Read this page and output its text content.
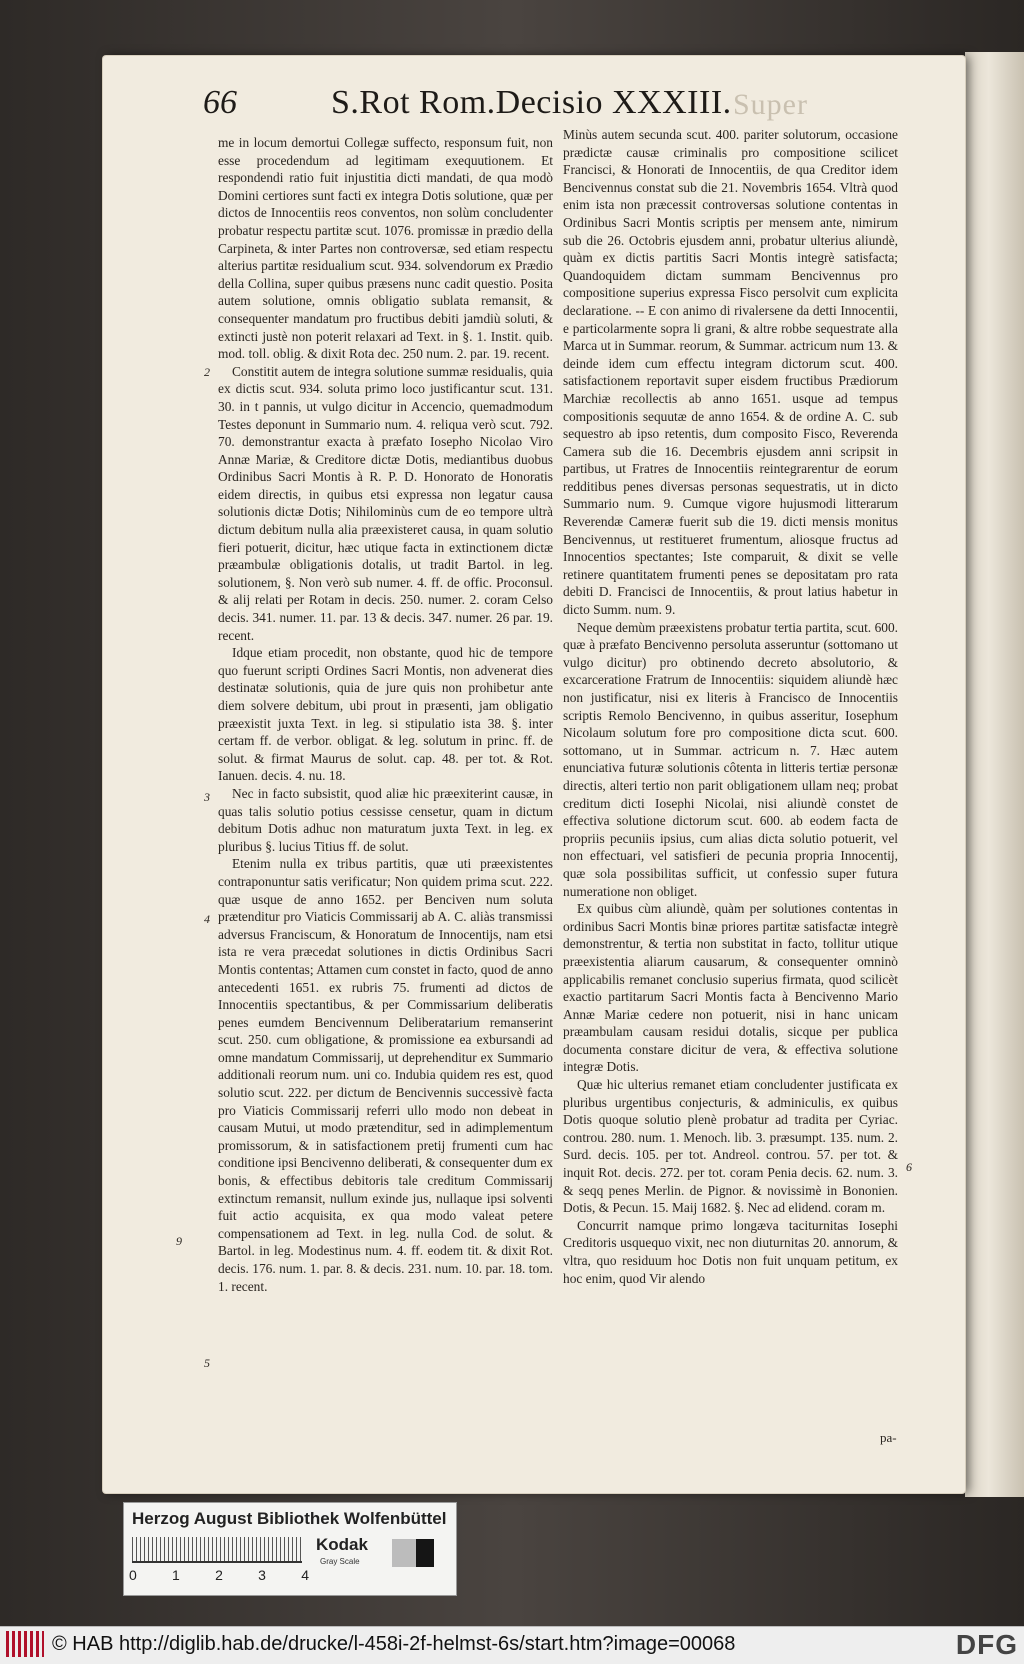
Super
66	S.Rot Rom.Decisio XXXIII.

me in locum demortui Collegæ suffecto, responsum fuit, non esse procedendum ad legitimam exequutionem. Et respondendi ratio fuit injustitia dicti mandati, de qua modò Domini certiores sunt facti ex integra Dotis solutione, quæ per dictos de Innocentiis reos conventos, non solùm concludenter probatur respectu partitæ scut. 1076. promissæ in prædio della Carpineta, & inter Partes non controversæ, sed etiam respectu alterius partitæ residualium scut. 934. solvendorum ex Prædio della Collina, super quibus præsens nunc cadit questio. Posita autem solutione, omnis obligatio sublata remansit, & consequenter mandatum pro fructibus debiti jamdiù soluti, & extincti justè non poterit relaxari ad Text. in §. 1. Instit. quib. mod. toll. oblig. & dixit Rota dec. 250 num. 2. par. 19. recent.

Constitit autem de integra solutione summæ residualis, quia ex dictis scut. 934. soluta primo loco justificantur scut. 131. 30. in t pannis, ut vulgo dicitur in Accencio, quemadmodum Testes deponunt in Summario num. 4. reliqua verò scut. 792. 70. demonstrantur exacta à præfato Iosepho Nicolao Viro Annæ Mariæ, & Creditore dictæ Dotis, mediantibus duobus Ordinibus Sacri Montis à R. P. D. Honorato de Honoratis eidem directis, in quibus etsi expressa non legatur causa solutionis dictæ Dotis; Nihilominùs cum de eo tempore ultrà dictum debitum nulla alia præexisteret causa, in quam solutio fieri potuerit, dicitur, hæc utique facta in extinctionem dictæ præambulæ obligationis dotalis, ut tradit Bartol. in leg. solutionem, §. Non verò sub numer. 4. ff. de offic. Proconsul. & alij relati per Rotam in decis. 250. numer. 2. coram Celso decis. 341. numer. 11. par. 13 & decis. 347. numer. 26 par. 19. recent.

Idque etiam procedit, non obstante, quod hic de tempore quo fuerunt scripti Ordines Sacri Montis, non advenerat dies destinatæ solutionis, quia de jure quis non prohibetur ante diem solvere debitum, ubi prout in præsenti, jam obligatio præexistit juxta Text. in leg. si stipulatio ista 38. §. inter certam ff. de verbor. obligat. & leg. solutum in princ. ff. de solut. & firmat Maurus de solut. cap. 48. per tot. & Rot. Ianuen. decis. 4. nu. 18.

Nec in facto subsistit, quod aliæ hic præexiterint causæ, in quas talis solutio potius cessisse censetur, quam in dictum debitum Dotis adhuc non maturatum juxta Text. in leg. ex pluribus §. lucius Titius ff. de solut.

Etenim nulla ex tribus partitis, quæ uti præexistentes contraponuntur satis verificatur; Non quidem prima scut. 222. quæ usque de anno 1652. per Benciven num soluta prætenditur pro Viaticis Commissarij ab A. C. aliàs transmissi adversus Franciscum, & Honoratum de Innocentijs, nam etsi ista re vera præcedat solutiones in dictis Ordinibus Sacri Montis contentas; Attamen cum constet in facto, quod de anno antecedenti 1651. ex rubris 75. frumenti ad dictos de Innocentiis spectantibus, & per Commissarium deliberatis penes eumdem Bencivennum Deliberatarium remanserint scut. 250. cum obligatione, & promissione ea exbursandi ad omne mandatum Commissarij, ut deprehenditur ex Summario additionali reorum num. uni co. Indubia quidem res est, quod solutio scut. 222. per dictum de Bencivennis successivè facta pro Viaticis Commissarij referri ullo modo non debeat in causam Mutui, ut modo prætenditur, sed in adimplementum promissorum, & in satisfactionem pretij frumenti cum hac conditione ipsi Bencivenno deliberati, & consequenter dum ex bonis, & effectibus debitoris tale creditum Commissarij extinctum remansit, nullum exinde jus, nullaque ipsi solventi fuit actio acquisita, ex qua modo valeat petere compensationem ad Text. in leg. nulla Cod. de solut. & Bartol. in leg. Modestinus num. 4. ff. eodem tit. & dixit Rot. decis. 176. num. 1. par. 8. & decis. 231. num. 10. par. 18. tom. 1. recent.

Minùs autem secunda scut. 400. pariter solutorum, occasione prædictæ causæ criminalis pro compositione scilicet Francisci, & Honorati de Innocentiis, de qua Creditor idem Bencivennus constat sub die 21. Novembris 1654. Vltrà quod enim ista non præcessit controversas solutione contentas in Ordinibus Sacri Montis scriptis per mensem ante, nimirum sub die 26. Octobris ejusdem anni, probatur ulterius aliundè, quàm ex dictis partitis Sacri Montis integrè satisfacta; Quandoquidem dictam summam Bencivennus pro compositione superius expressa Fisco persolvit cum explicita declaratione. -- E con animo di rivalersene da detti Innocentii, e particolarmente sopra li grani, & altre robbe sequestrate alla Marca ut in Summar. reorum, & Summar. actricum num 13. & deinde idem cum effectu integram dictorum scut. 400. satisfactionem reportavit super eisdem fructibus Prædiorum Marchiæ recollectis ab anno 1651. usque ad tempus compositionis sequutæ de anno 1654. & de ordine A. C. sub sequestro ab ipso retentis, dum composito Fisco, Reverenda Camera sub die 16. Decembris ejusdem anni scripsit in partibus, ut Fratres de Innocentiis reintegrarentur de eorum redditibus penes diversas personas sequestratis, ut in dicto Summario num. 9. Cumque vigore hujusmodi litterarum Reverendæ Cameræ fuerit sub die 19. dicti mensis monitus Bencivennus, ut restitueret frumentum, aliosque fructus ad Innocentios spectantes; Iste comparuit, & dixit se velle retinere quantitatem frumenti penes se depositatam pro rata debiti D. Francisci de Innocentiis, & prout latius habetur in dicto Summ. num. 9.

Neque demùm præexistens probatur tertia partita, scut. 600. quæ à præfato Bencivenno persoluta asseruntur (sottomano ut vulgo dicitur) pro obtinendo decreto absolutorio, & excarceratione Fratrum de Innocentiis: siquidem aliundè hæc non justificatur, nisi ex literis à Francisco de Innocentiis scriptis Remolo Bencivenno, in quibus asseritur, Iosephum Nicolaum solutum fore pro compositione dicta scut. 600. sottomano, ut in Summar. actricum n. 7. Hæc autem enunciativa futuræ solutionis côtenta in litteris tertiæ personæ directis, alteri tertio non parit obligationem ullam neq; probat creditum dicti Iosephi Nicolai, nisi aliundè constet de effectiva solutione dictorum scut. 600. ab eodem facta de propriis pecuniis ipsius, cum alias dicta solutio potuerit, vel non effectuari, vel satisfieri de pecunia propria Innocentij, quæ sola possibilitas sufficit, ut confessio super futura numeratione non obliget.

Ex quibus cùm aliundè, quàm per solutiones contentas in ordinibus Sacri Montis binæ priores partitæ satisfactæ integrè demonstrentur, & tertia non substitat in facto, tollitur utique præexistentia aliarum causarum, & consequenter omninò applicabilis remanet conclusio superius firmata, quod scilicèt exactio partitarum Sacri Montis facta à Bencivenno Mario Annæ Mariæ cedere non potuerit, nisi in hanc unicam præambulam causam residui dotalis, sicque per publica documenta constare dicitur de vera, & effectiva solutione integræ Dotis.

Quæ hic ulterius remanet etiam concludenter justificata ex pluribus urgentibus conjecturis, & adminiculis, ex quibus Dotis quoque solutio plenè probatur ad tradita per Cyriac. controu. 280. num. 1. Menoch. lib. 3. præsumpt. 135. num. 2. Surd. decis. 105. per tot. Andreol. controu. 57. per tot. & inquit Rot. decis. 272. per tot. coram Penia decis. 62. num. 3. & seqq penes Merlin. de Pignor. & novissimè in Bononien. Dotis, & Pecun. 15. Maij 1682. §. Nec ad elidend. coram m.

Concurrit namque primo longæva taciturnitas Iosephi Creditoris usquequo vixit, nec non diuturnitas 20. annorum, & vltra, quo residuum hoc Dotis non fuit unquam petitum, ex hoc enim, quod Vir alendo

2
3
4
5
6
9
pa-
Herzog August Bibliothek Wolfenbüttel
0	1	2	3	4
Kodak
Gray Scale
© HAB http://diglib.hab.de/drucke/l-458i-2f-helmst-6s/start.htm?image=00068	DFG
